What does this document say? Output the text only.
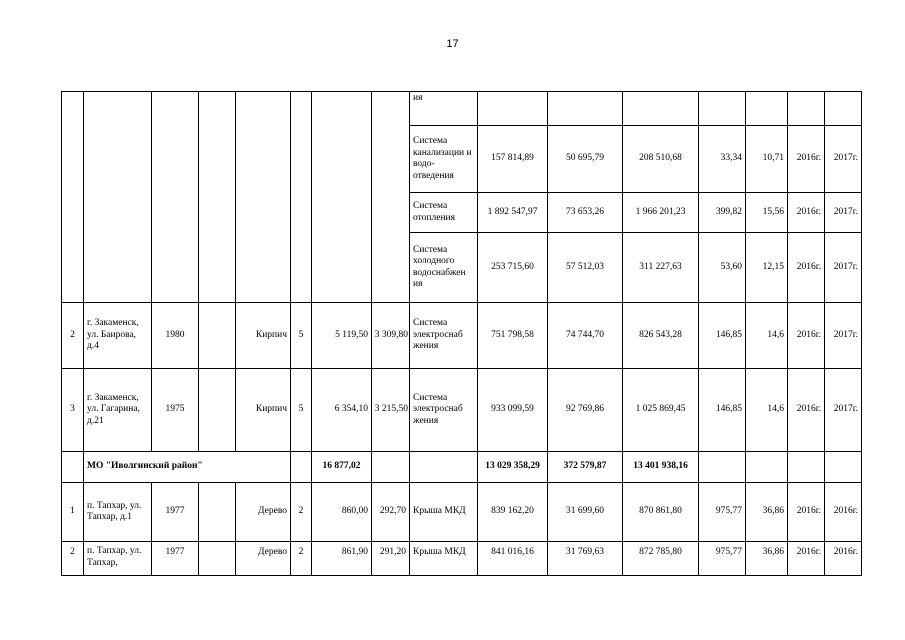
17
								ия							
								Система канализации и водо-отведения	157 814,89	50 695,79	208 510,68	33,34	10,71	2016г.	2017г.
								Система отопления	1 892 547,97	73 653,26	1 966 201,23	399,82	15,56	2016г.	2017г.
								Система холодного водоснабжен ия	253 715,60	57 512,03	311 227,63	53,60	12,15	2016г.	2017г.
2	г. Закаменск, ул. Баирова, д.4	1980		Кирпич	5	5 119,50	3 309,80	Система электроснаб жения	751 798,58	74 744,70	826 543,28	146,85	14,6	2016г.	2017г.
3	г. Закаменск, ул. Гагарина, д.21	1975		Кирпич	5	6 354,10	3 215,50	Система электроснаб жения	933 099,59	92 769,86	1 025 869,45	146,85	14,6	2016г.	2017г.
	МО "Иволгинский район"					16 877,02			13 029 358,29	372 579,87	13 401 938,16				
1	п. Тапхар, ул. Тапхар, д.1	1977		Дерево	2	860,00	292,70	Крыша МКД	839 162,20	31 699,60	870 861,80	975,77	36,86	2016г.	2016г.
2	п. Тапхар, ул. Тапхар,	1977		Дерево	2	861,90	291,20	Крыша МКД	841 016,16	31 769,63	872 785,80	975,77	36,86	2016г.	2016г.
